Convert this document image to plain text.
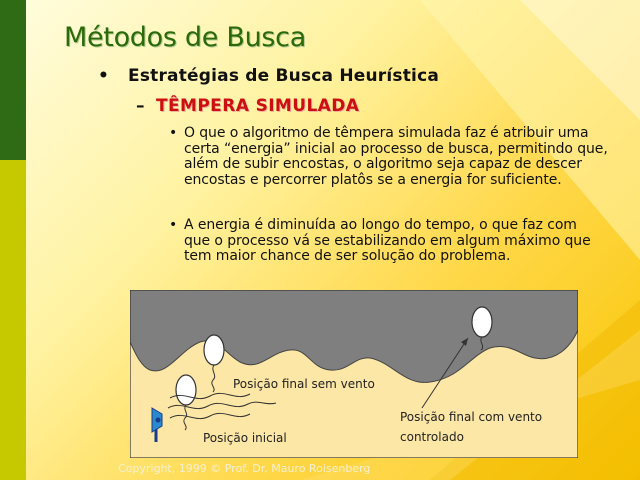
Métodos de Busca
• Estratégias de Busca Heurística
– TÊMPERA SIMULADA
• O que o algoritmo de têmpera simulada faz é atribuir uma certa “energia” inicial ao processo de busca, permitindo que, além de subir encostas, o algoritmo seja capaz de descer encostas e percorrer platôs se a energia for suficiente.
• A energia é diminuída ao longo do tempo, o que faz com que o processo vá se estabilizando em algum máximo que tem maior chance de ser solução do problema.
Posição final sem vento
Posição inicial
Posição final com vento
controlado
Copyright, 1999 © Prof. Dr. Mauro Roisenberg
